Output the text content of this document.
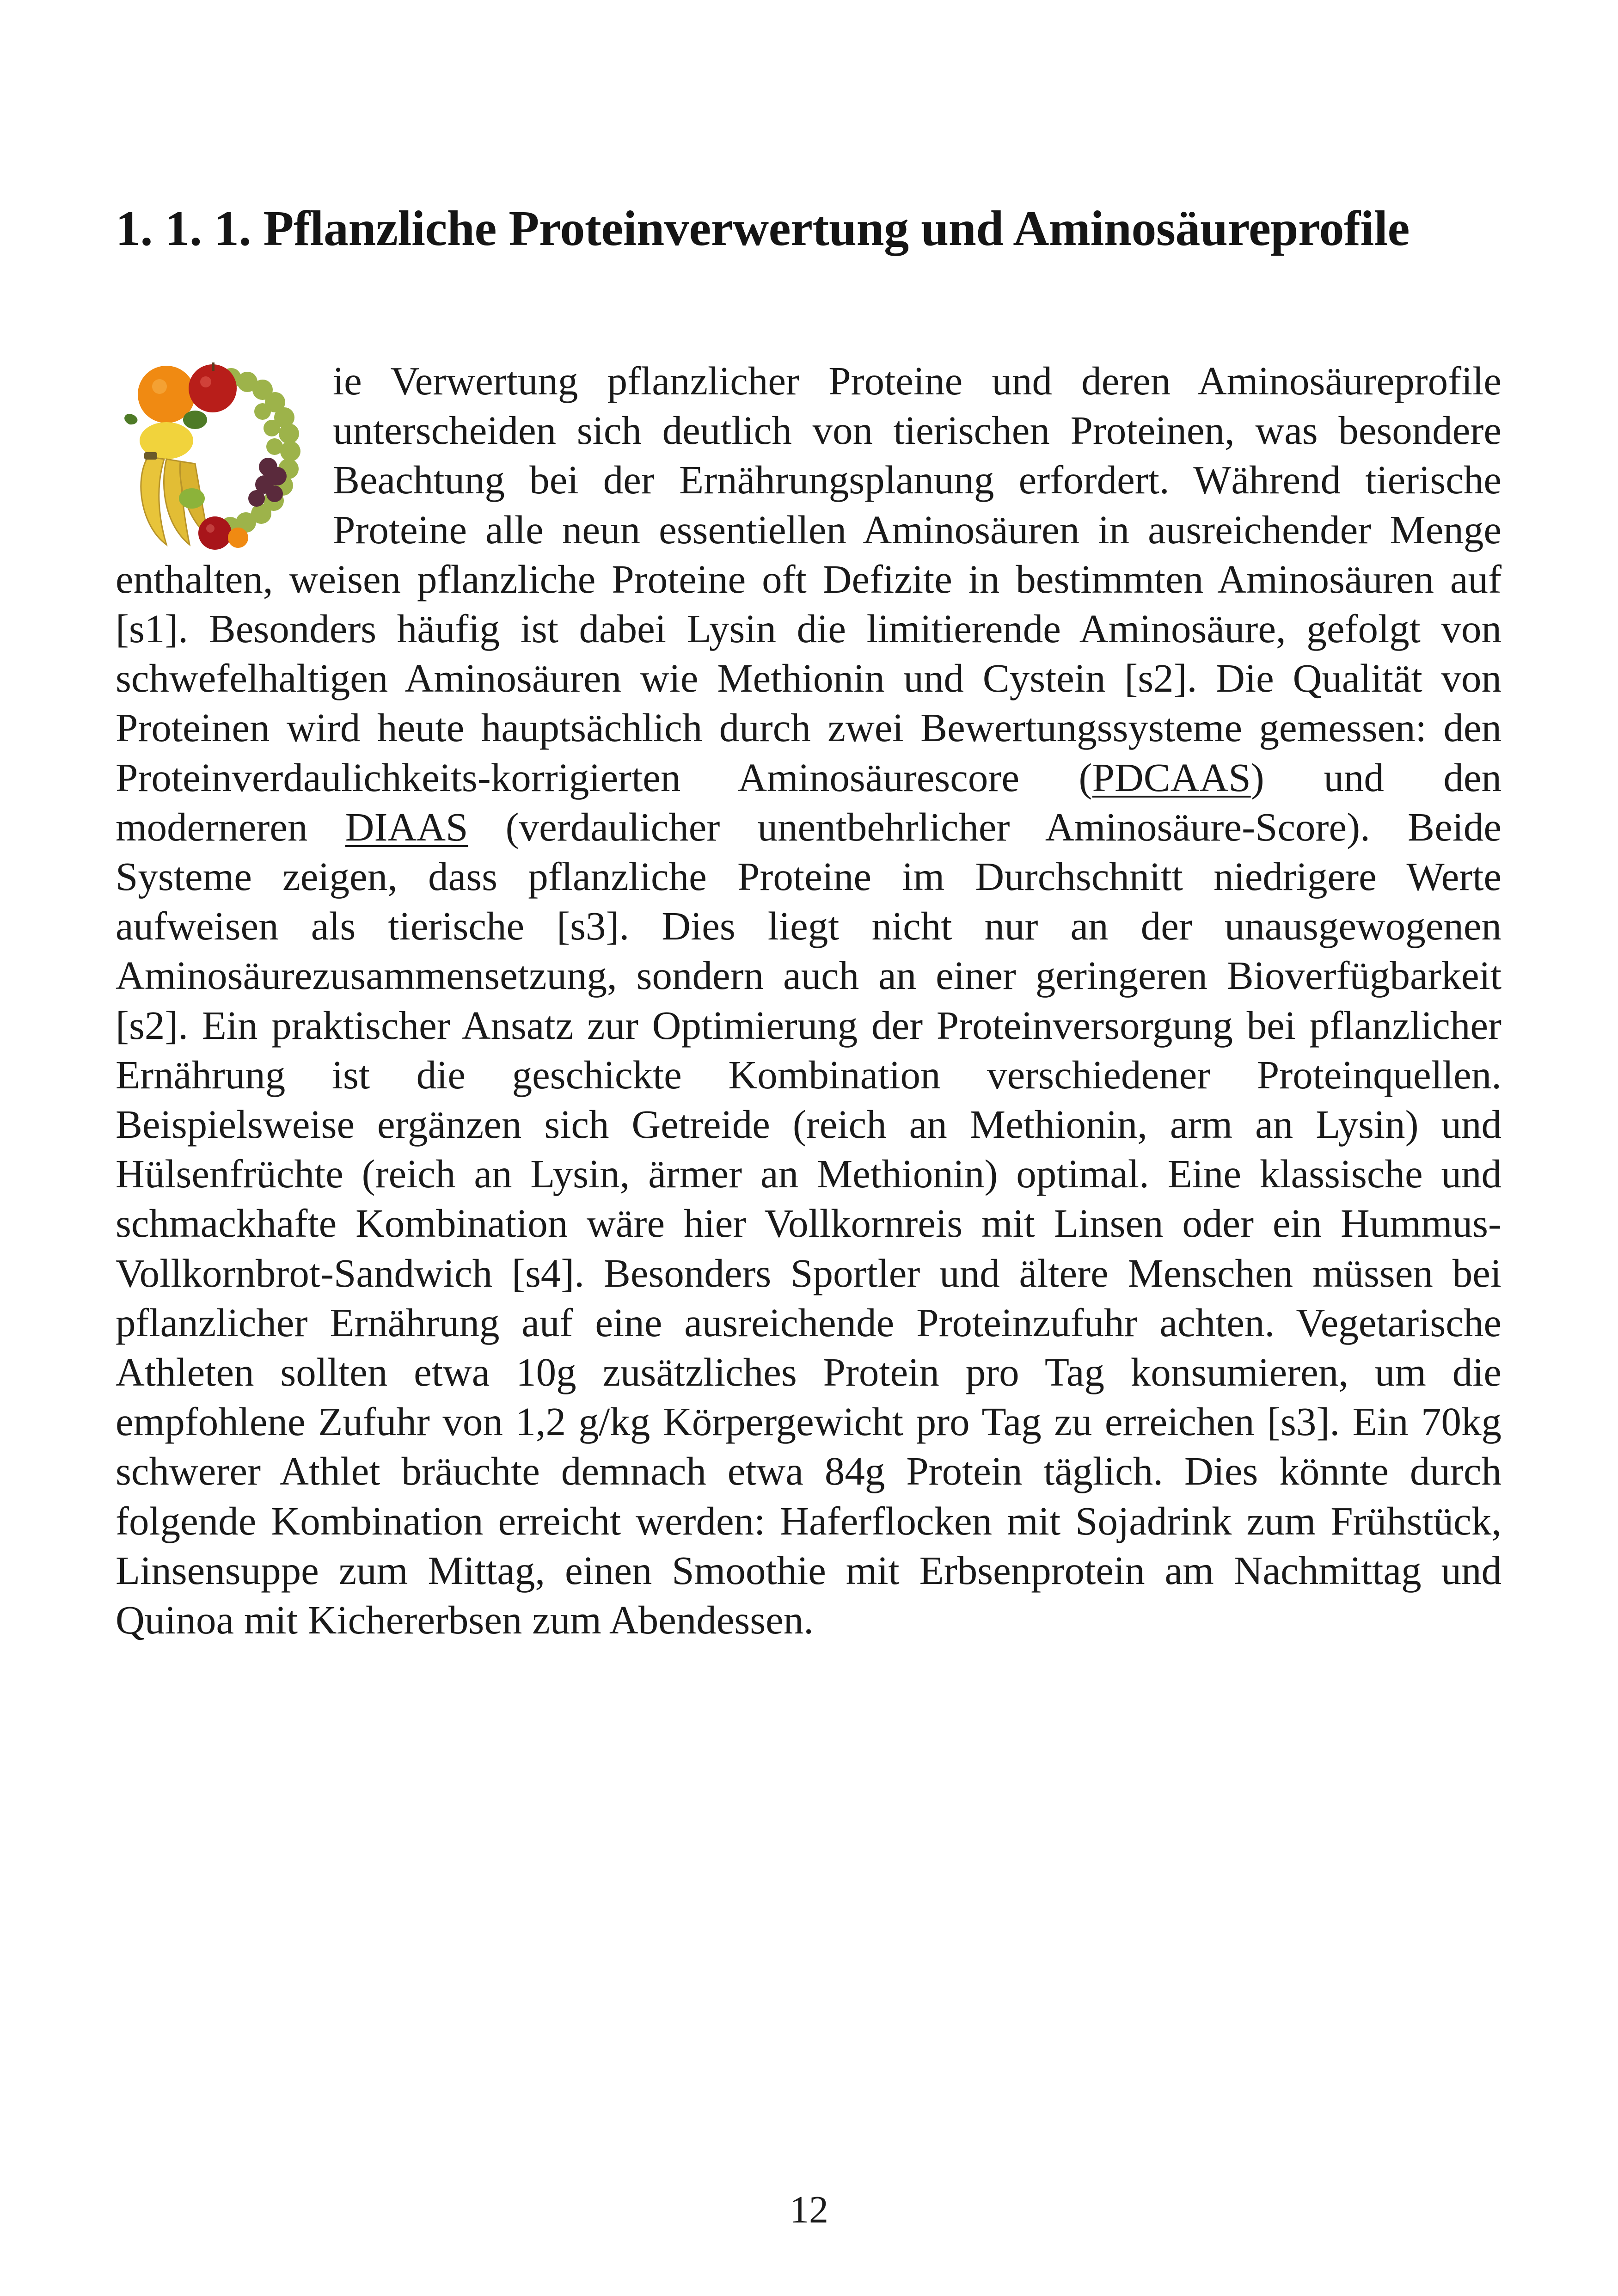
1. 1. 1. Pflanzliche Proteinverwertung und Aminosäureprofile
ie Verwertung pflanzlicher Proteine und deren Aminosäureprofile unterscheiden sich deutlich von tierischen Proteinen, was besondere Beachtung bei der Ernährungsplanung erfordert. Während tierische Proteine alle neun essentiellen Aminosäuren in ausreichender Menge enthalten, weisen pflanzliche Proteine oft Defizite in bestimmten Aminosäuren auf [s1]. Besonders häufig ist dabei Lysin die limitierende Aminosäure, gefolgt von schwefelhaltigen Aminosäuren wie Methionin und Cystein [s2]. Die Qualität von Proteinen wird heute hauptsächlich durch zwei Bewertungssysteme gemessen: den Proteinverdaulichkeits-korrigierten Aminosäurescore (PDCAAS) und den moderneren DIAAS (verdaulicher unentbehrlicher Aminosäure-Score). Beide Systeme zeigen, dass pflanzliche Proteine im Durchschnitt niedrigere Werte aufweisen als tierische [s3]. Dies liegt nicht nur an der unausgewogenen Aminosäurezusammensetzung, sondern auch an einer geringeren Bioverfügbarkeit [s2]. Ein praktischer Ansatz zur Optimierung der Proteinversorgung bei pflanzlicher Ernährung ist die geschickte Kombination verschiedener Proteinquellen. Beispielsweise ergänzen sich Getreide (reich an Methionin, arm an Lysin) und Hülsenfrüchte (reich an Lysin, ärmer an Methionin) optimal. Eine klassische und schmackhafte Kombination wäre hier Vollkornreis mit Linsen oder ein Hummus-Vollkornbrot-Sandwich [s4]. Besonders Sportler und ältere Menschen müssen bei pflanzlicher Ernährung auf eine ausreichende Proteinzufuhr achten. Vegetarische Athleten sollten etwa 10g zusätzliches Protein pro Tag konsumieren, um die empfohlene Zufuhr von 1,2 g/kg Körpergewicht pro Tag zu erreichen [s3]. Ein 70kg schwerer Athlet bräuchte demnach etwa 84g Protein täglich. Dies könnte durch folgende Kombination erreicht werden: Haferflocken mit Sojadrink zum Frühstück, Linsensuppe zum Mittag, einen Smoothie mit Erbsenprotein am Nachmittag und Quinoa mit Kichererbsen zum Abendessen.
12
